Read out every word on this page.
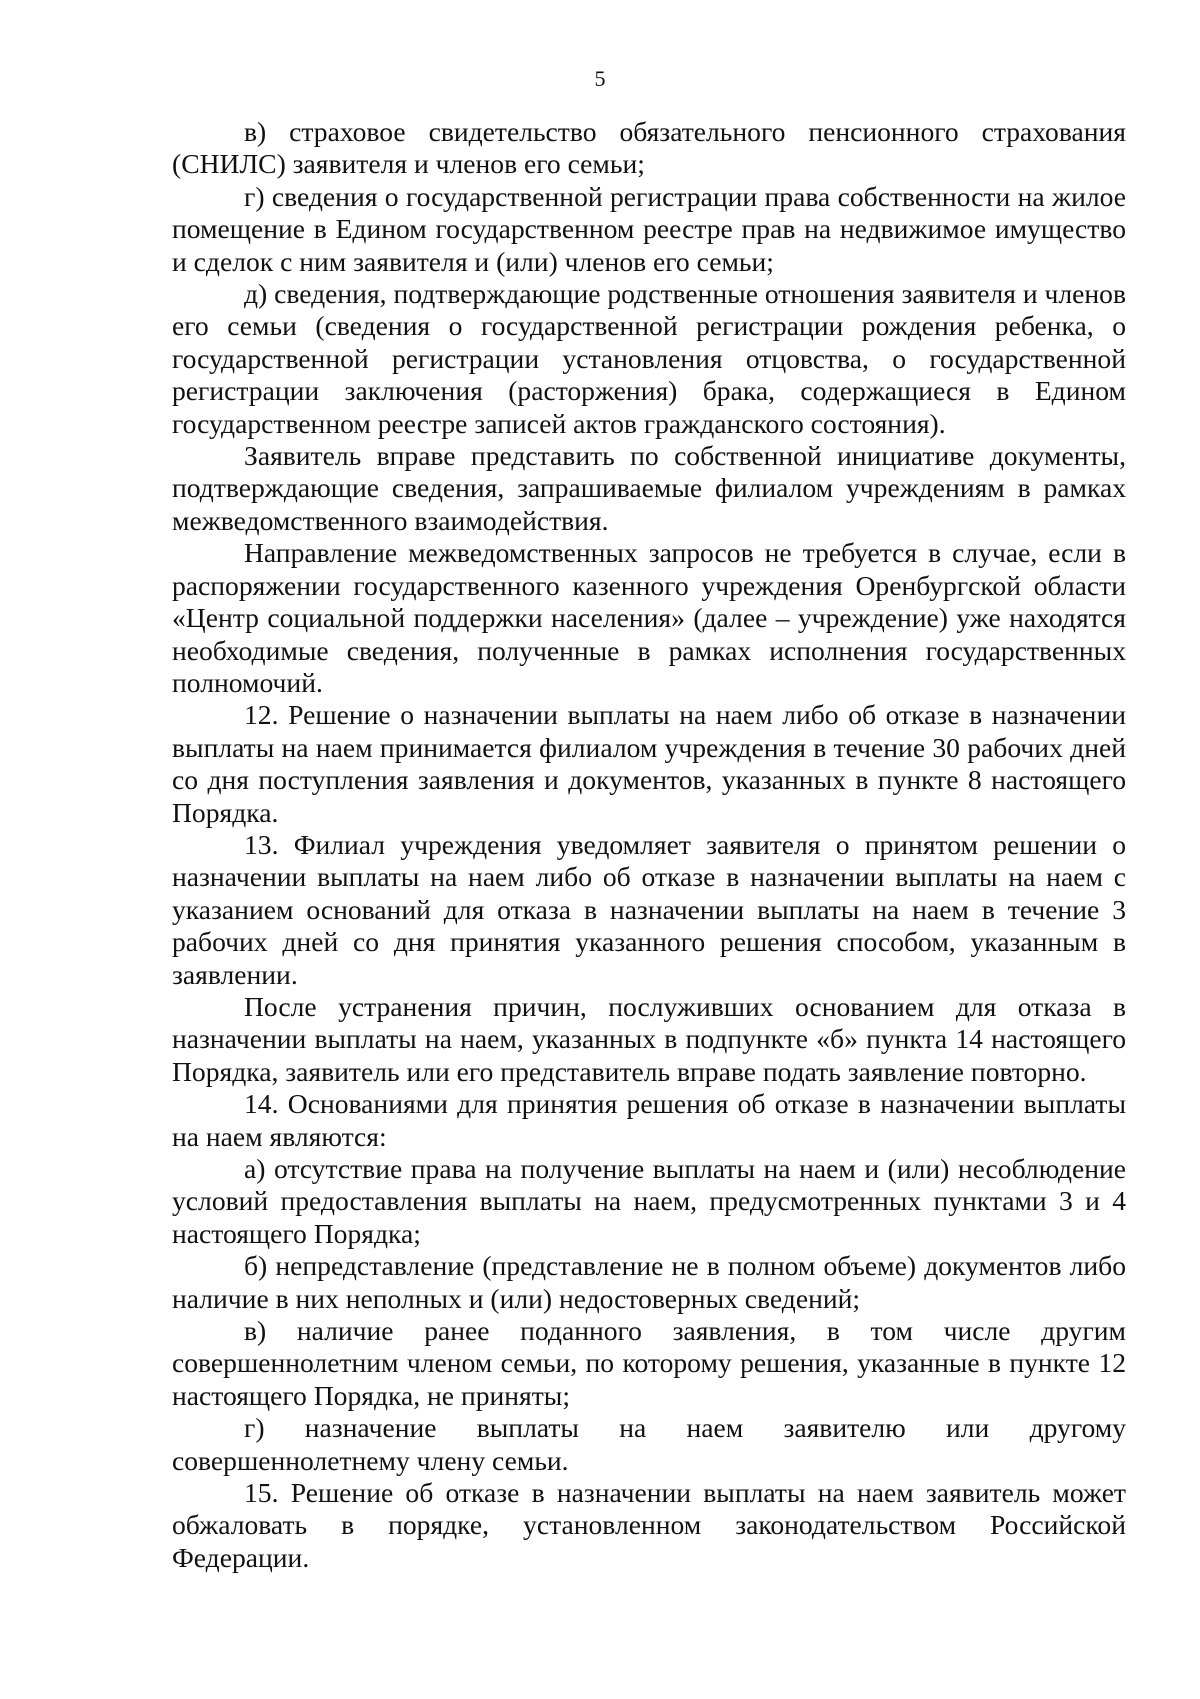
5

в) страховое свидетельство обязательного пенсионного страхования (СНИЛС) заявителя и членов его семьи;

г) сведения о государственной регистрации права собственности на жилое помещение в Едином государственном реестре прав на недвижимое имущество и сделок с ним заявителя и (или) членов его семьи;

д) сведения, подтверждающие родственные отношения заявителя и членов его семьи (сведения о государственной регистрации рождения ребенка, о государственной регистрации установления отцовства, о государственной регистрации заключения (расторжения) брака, содержащиеся в Едином государственном реестре записей актов гражданского состояния).

Заявитель вправе представить по собственной инициативе документы, подтверждающие сведения, запрашиваемые филиалом учреждениям в рамках межведомственного взаимодействия.

Направление межведомственных запросов не требуется в случае, если в распоряжении государственного казенного учреждения Оренбургской области «Центр социальной поддержки населения» (далее – учреждение) уже находятся необходимые сведения, полученные в рамках исполнения государственных полномочий.

12. Решение о назначении выплаты на наем либо об отказе в назначении выплаты на наем принимается филиалом учреждения в течение 30 рабочих дней со дня поступления заявления и документов, указанных в пункте 8 настоящего Порядка.

13. Филиал учреждения уведомляет заявителя о принятом решении о назначении выплаты на наем либо об отказе в назначении выплаты на наем с указанием оснований для отказа в назначении выплаты на наем в течение 3 рабочих дней со дня принятия указанного решения способом, указанным в заявлении.

После устранения причин, послуживших основанием для отказа в назначении выплаты на наем, указанных в подпункте «б» пункта 14 настоящего Порядка, заявитель или его представитель вправе подать заявление повторно.

14. Основаниями для принятия решения об отказе в назначении выплаты на наем являются:

а) отсутствие права на получение выплаты на наем и (или) несоблюдение условий предоставления выплаты на наем, предусмотренных пунктами 3 и 4 настоящего Порядка;

б) непредставление (представление не в полном объеме) документов либо наличие в них неполных и (или) недостоверных сведений;

в) наличие ранее поданного заявления, в том числе другим совершеннолетним членом семьи, по которому решения, указанные в пункте 12 настоящего Порядка, не приняты;

г) назначение выплаты на наем заявителю или другому совершеннолетнему члену семьи.

15. Решение об отказе в назначении выплаты на наем заявитель может обжаловать в порядке, установленном законодательством Российской Федерации.
